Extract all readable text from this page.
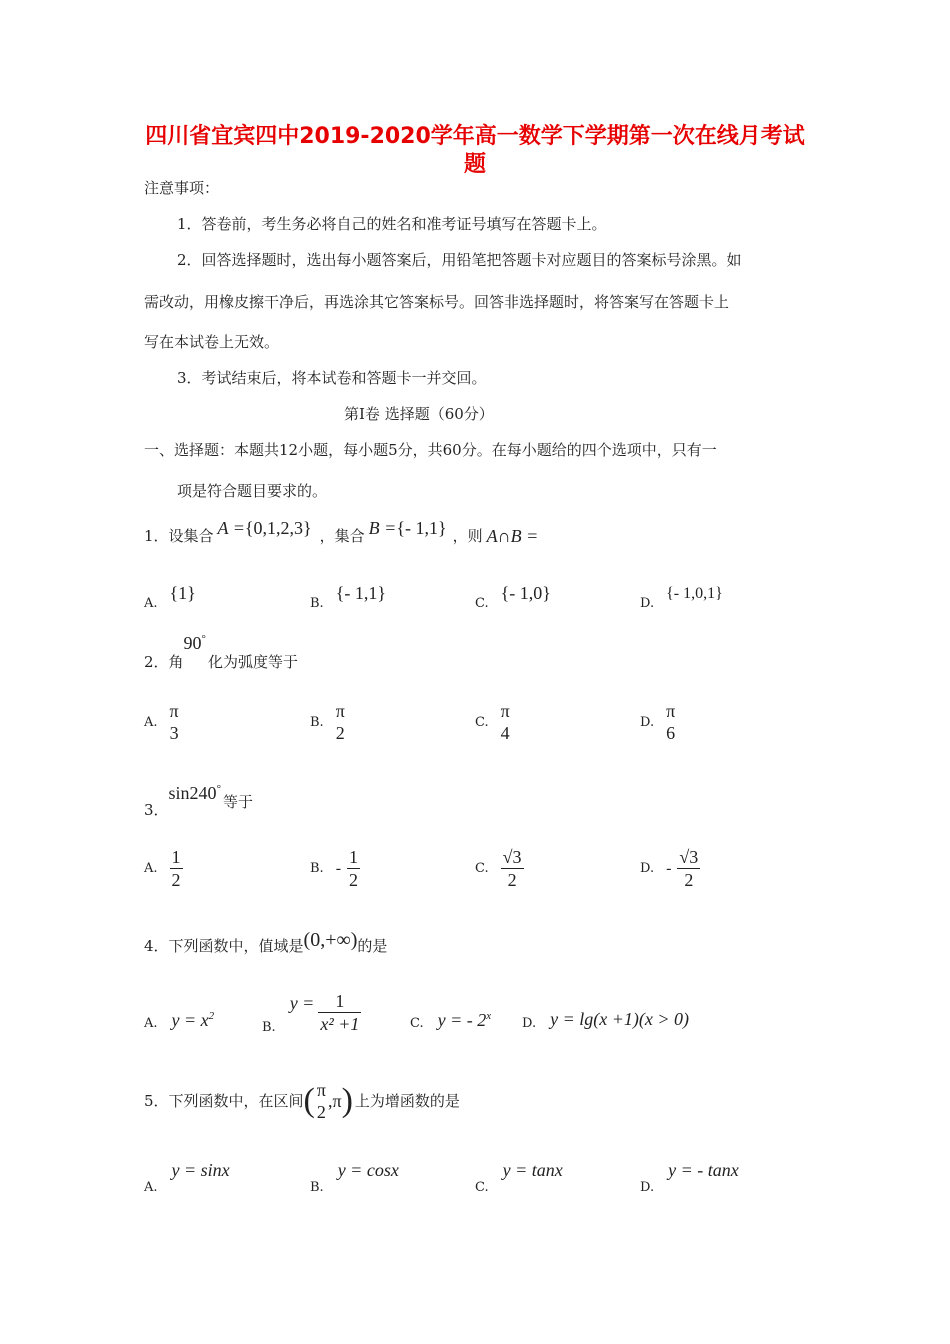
四川省宜宾四中2019-2020学年高一数学下学期第一次在线月考试
题
注意事项：
1．答卷前，考生务必将自己的姓名和准考证号填写在答题卡上。
2．回答选择题时，选出每小题答案后，用铅笔把答题卡对应题目的答案标号涂黑。如
需改动，用橡皮擦干净后，再选涂其它答案标号。回答非选择题时，将答案写在答题卡上
写在本试卷上无效。
3．考试结束后，将本试卷和答题卡一并交回。
第I卷 选择题（60分）
一、选择题：本题共12小题，每小题5分，共60分。在每小题给的四个选项中，只有一
项是符合题目要求的。
1．设集合 A = {0,1,2,3} ，集合 B = {- 1,1} ，则 A∩B =
A.
{1}
B.
{- 1,1}
C.
{- 1,0}
D.
{- 1,0,1}
2．角
90°
化为弧度等于
A.
π
3
B.
π
2
C.
π
4
D.
π
6
3．
sin240°
等于
A. $\frac{1}{2}$	B. - $\frac{1}{2}$	C. $\frac{√3}{2}$	D. - $\frac{√3}{2}$
4．下列函数中，值域是 (0,+∞) 的是
A. $y = x^2$
B.
$y = \frac{1}{\text{x² +1}}$	C. y = - 2$^x$ D. y = lg(x +1)(x > 0)
5．下列函数中，在区间 ( π
2
,π ) 上为增函数的是
A.
y = sinx
B.
y = cosx
C.
y = tanx
D.
y = - tanx
